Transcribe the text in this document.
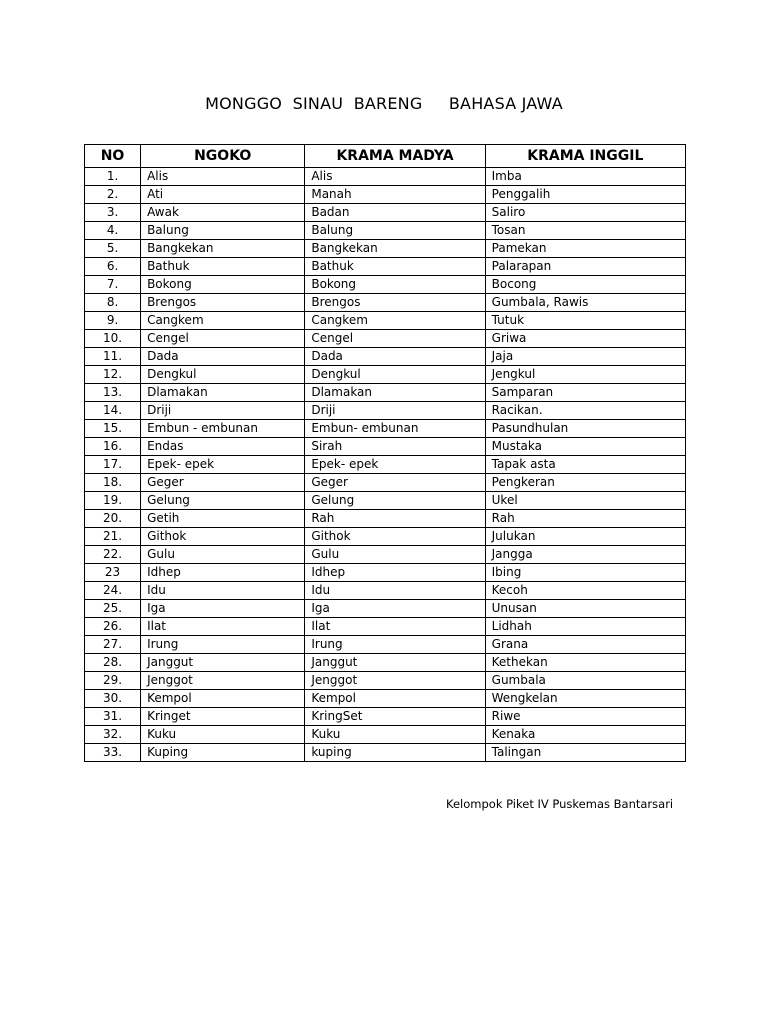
MONGGO  SINAU  BARENG     BAHASA JAWA
NO	NGOKO	KRAMA MADYA	KRAMA INGGIL
1.	Alis	Alis	Imba
2.	Ati	Manah	Penggalih
3.	Awak	Badan	Saliro
4.	Balung	Balung	Tosan
5.	Bangkekan	Bangkekan	Pamekan
6.	Bathuk	Bathuk	Palarapan
7.	Bokong	Bokong	Bocong
8.	Brengos	Brengos	Gumbala, Rawis
9.	Cangkem	Cangkem	Tutuk
10.	Cengel	Cengel	Griwa
11.	Dada	Dada	Jaja
12.	Dengkul	Dengkul	Jengkul
13.	Dlamakan	Dlamakan	Samparan
14.	Driji	Driji	Racikan.
15.	Embun - embunan	Embun- embunan	Pasundhulan
16.	Endas	Sirah	Mustaka
17.	Epek- epek	Epek- epek	Tapak asta
18.	Geger	Geger	Pengkeran
19.	Gelung	Gelung	Ukel
20.	Getih	Rah	Rah
21.	Githok	Githok	Julukan
22.	Gulu	Gulu	Jangga
23	Idhep	Idhep	Ibing
24.	Idu	Idu	Kecoh
25.	Iga	Iga	Unusan
26.	Ilat	Ilat	Lidhah
27.	Irung	Irung	Grana
28.	Janggut	Janggut	Kethekan
29.	Jenggot	Jenggot	Gumbala
30.	Kempol	Kempol	Wengkelan
31.	Kringet	KringSet	Riwe
32.	Kuku	Kuku	Kenaka
33.	Kuping	kuping	Talingan
Kelompok Piket IV Puskemas Bantarsari
